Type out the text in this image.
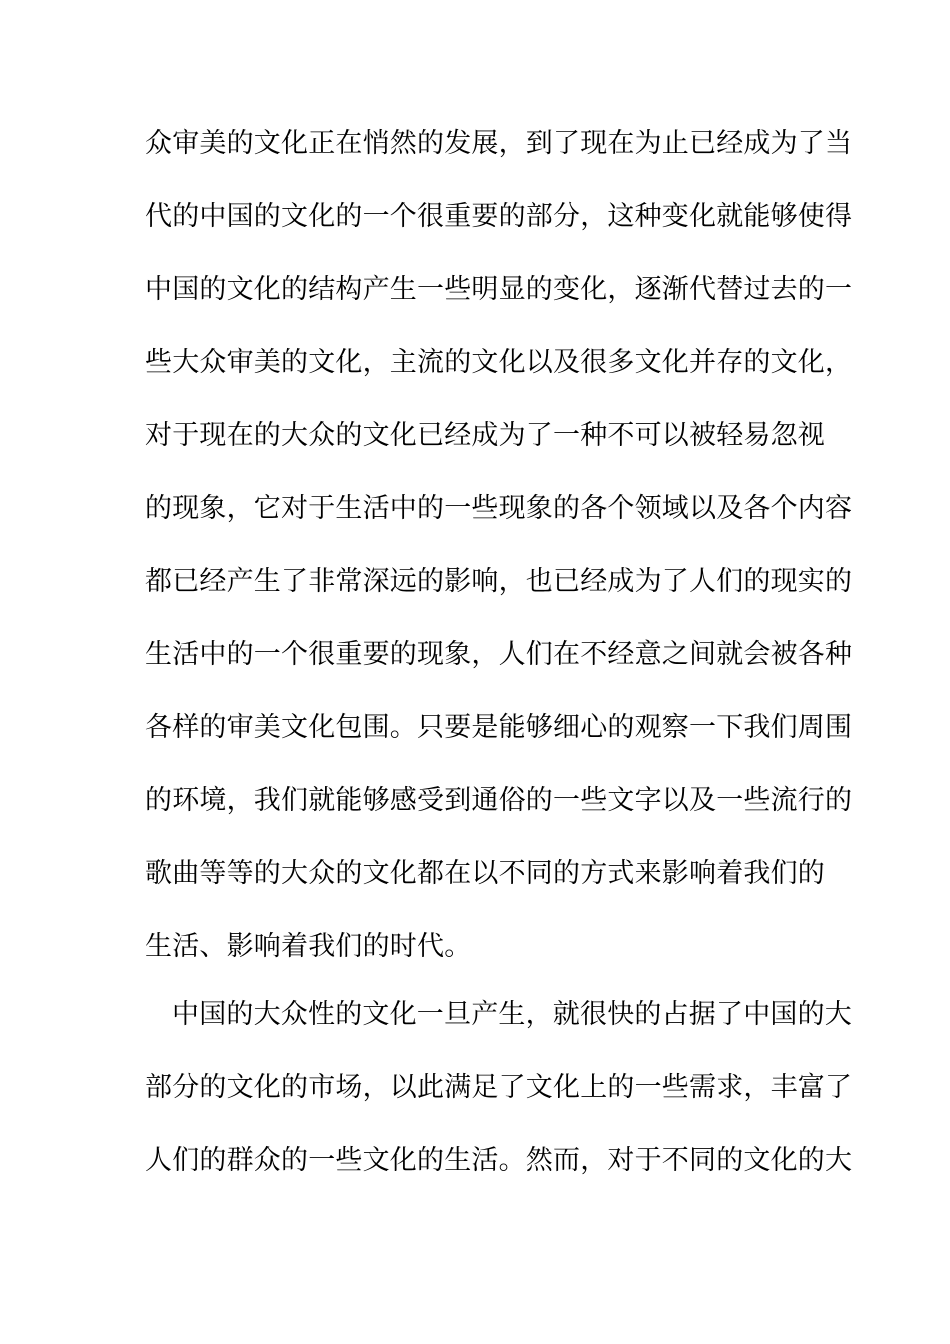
众审美的文化正在悄然的发展，到了现在为止已经成为了当
代的中国的文化的一个很重要的部分，这种变化就能够使得
中国的文化的结构产生一些明显的变化，逐渐代替过去的一
些大众审美的文化，主流的文化以及很多文化并存的文化，
对于现在的大众的文化已经成为了一种不可以被轻易忽视
的现象，它对于生活中的一些现象的各个领域以及各个内容
都已经产生了非常深远的影响，也已经成为了人们的现实的
生活中的一个很重要的现象，人们在不经意之间就会被各种
各样的审美文化包围。只要是能够细心的观察一下我们周围
的环境，我们就能够感受到通俗的一些文字以及一些流行的
歌曲等等的大众的文化都在以不同的方式来影响着我们的
生活、影响着我们的时代。
中国的大众性的文化一旦产生，就很快的占据了中国的大
部分的文化的市场，以此满足了文化上的一些需求，丰富了
人们的群众的一些文化的生活。然而，对于不同的文化的大
